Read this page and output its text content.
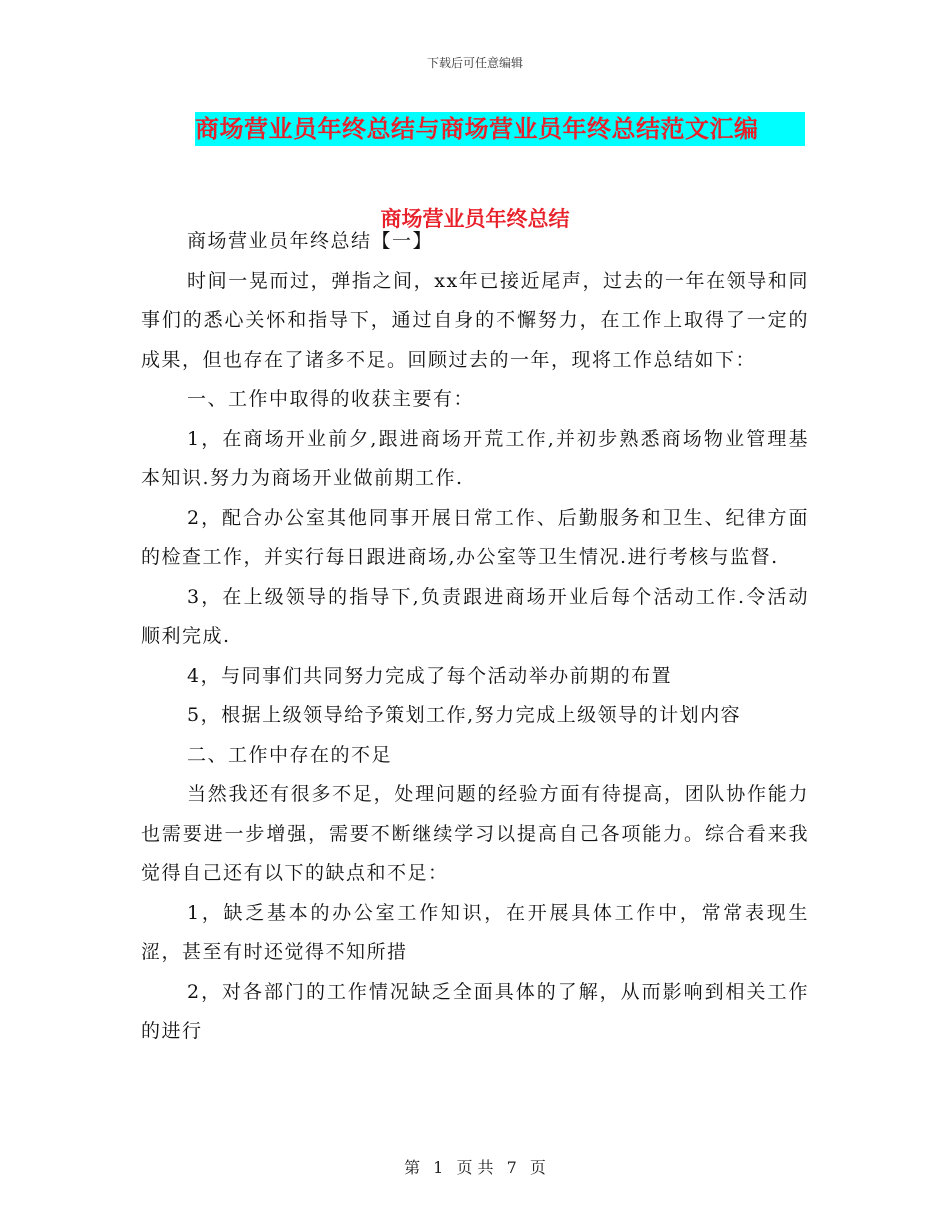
下载后可任意编辑
商场营业员年终总结与商场营业员年终总结范文汇编
商场营业员年终总结

商场营业员年终总结【一】

时间一晃而过，弹指之间，xx年已接近尾声，过去的一年在领导和同事们的悉心关怀和指导下，通过自身的不懈努力，在工作上取得了一定的成果，但也存在了诸多不足。回顾过去的一年，现将工作总结如下：

一、工作中取得的收获主要有：

1，在商场开业前夕,跟进商场开荒工作,并初步熟悉商场物业管理基本知识.努力为商场开业做前期工作.

2，配合办公室其他同事开展日常工作、后勤服务和卫生、纪律方面的检查工作，并实行每日跟进商场,办公室等卫生情况.进行考核与监督.

3，在上级领导的指导下,负责跟进商场开业后每个活动工作.令活动顺利完成.

4，与同事们共同努力完成了每个活动举办前期的布置

5，根据上级领导给予策划工作,努力完成上级领导的计划内容

二、工作中存在的不足

当然我还有很多不足，处理问题的经验方面有待提高，团队协作能力也需要进一步增强，需要不断继续学习以提高自己各项能力。综合看来我觉得自己还有以下的缺点和不足：

1，缺乏基本的办公室工作知识，在开展具体工作中，常常表现生涩，甚至有时还觉得不知所措

2，对各部门的工作情况缺乏全面具体的了解，从而影响到相关工作的进行

第 1 页 共 7 页
